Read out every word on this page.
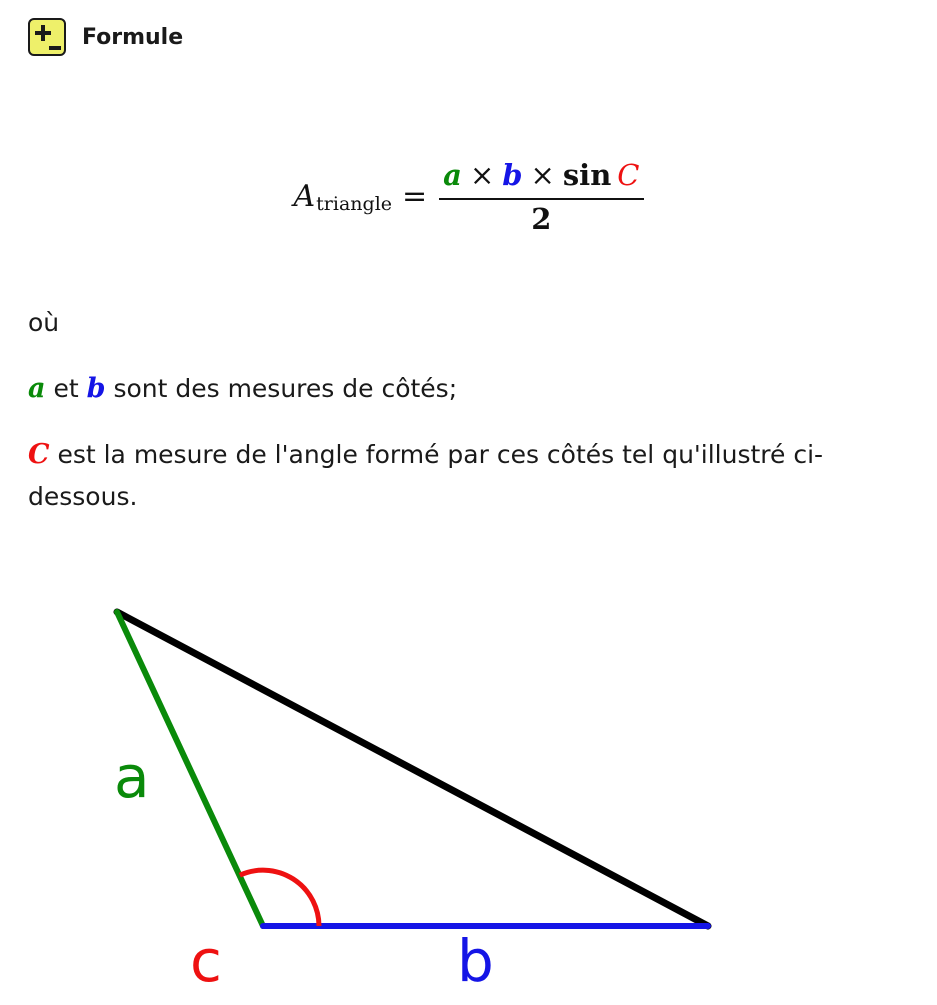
Formule
$A_{triangle} = \frac{\text{a × b × sin C}}{2}$
où
a et b sont des mesures de côtés;
C est la mesure de l'angle formé par ces côtés tel qu'illustré ci-dessous.
a
b
c
